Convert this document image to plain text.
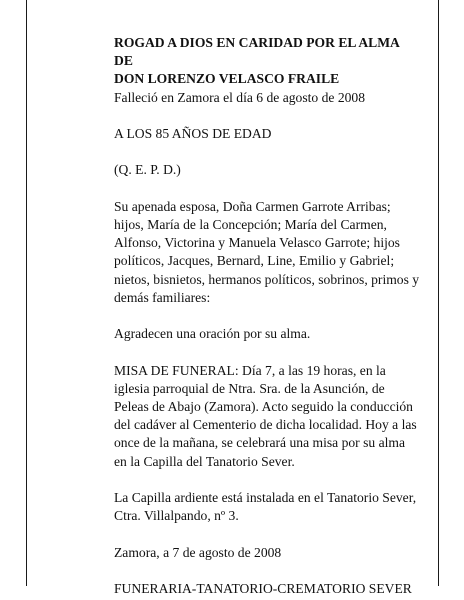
ROGAD A DIOS EN CARIDAD POR EL ALMA
DE
DON LORENZO VELASCO FRAILE
Falleció en Zamora el día 6 de agosto de 2008
A LOS 85 AÑOS DE EDAD
(Q. E. P. D.)
Su apenada esposa, Doña Carmen Garrote Arribas;
hijos, María de la Concepción; María del Carmen,
Alfonso, Victorina y Manuela Velasco Garrote; hijos
políticos, Jacques, Bernard, Line, Emilio y Gabriel;
nietos, bisnietos, hermanos políticos, sobrinos, primos y
demás familiares:
Agradecen una oración por su alma.
MISA DE FUNERAL: Día 7, a las 19 horas, en la
iglesia parroquial de Ntra. Sra. de la Asunción, de
Peleas de Abajo (Zamora). Acto seguido la conducción
del cadáver al Cementerio de dicha localidad. Hoy a las
once de la mañana, se celebrará una misa por su alma
en la Capilla del Tanatorio Sever.
La Capilla ardiente está instalada en el Tanatorio Sever,
Ctra. Villalpando, nº 3.
Zamora, a 7 de agosto de 2008
FUNERARIA-TANATORIO-CREMATORIO SEVER
